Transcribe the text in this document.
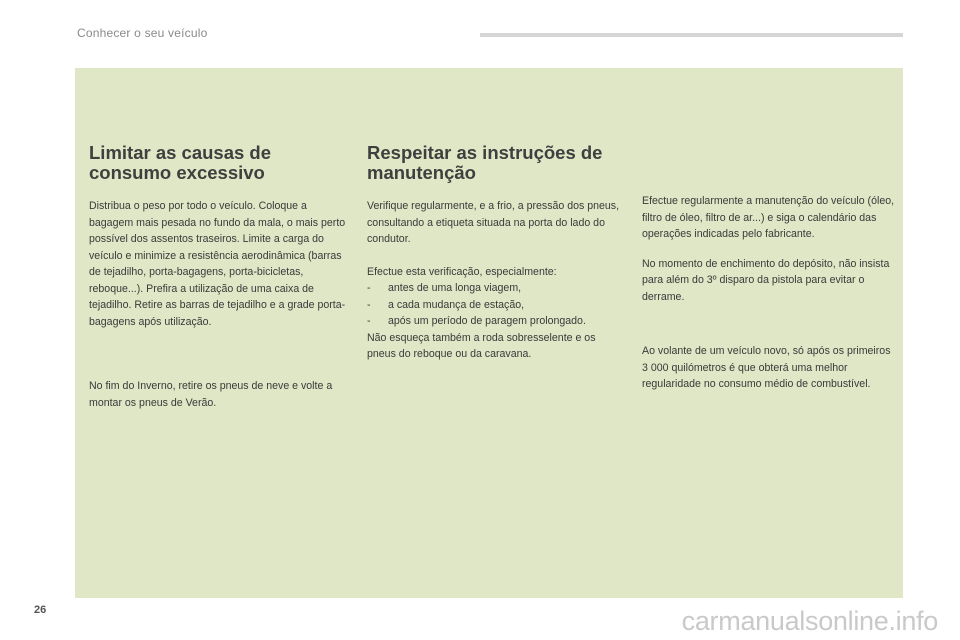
Conhecer o seu veículo
Limitar as causas de
consumo excessivo

Distribua o peso por todo o veículo. Coloque a bagagem mais pesada no fundo da mala, o mais perto possível dos assentos traseiros. Limite a carga do veículo e minimize a resistência aerodinâmica (barras de tejadilho, porta-bagagens, porta-bicicletas, reboque...). Prefira a utilização de uma caixa de tejadilho. Retire as barras de tejadilho e a grade porta-bagagens após utilização.

No fim do Inverno, retire os pneus de neve e volte a montar os pneus de Verão.

Respeitar as instruções de
manutenção

Verifique regularmente, e a frio, a pressão dos pneus, consultando a etiqueta situada na porta do lado do condutor.

Efectue esta verificação, especialmente:

- antes de uma longa viagem,
- a cada mudança de estação,
- após um período de paragem prolongado.

Não esqueça também a roda sobresselente e os pneus do reboque ou da caravana.

Efectue regularmente a manutenção do veículo (óleo, filtro de óleo, filtro de ar...) e siga o calendário das operações indicadas pelo fabricante.

No momento de enchimento do depósito, não insista para além do 3º disparo da pistola para evitar o derrame.

Ao volante de um veículo novo, só após os primeiros 3 000 quilómetros é que obterá uma melhor regularidade no consumo médio de combustível.

26	carmanualsonline.info
